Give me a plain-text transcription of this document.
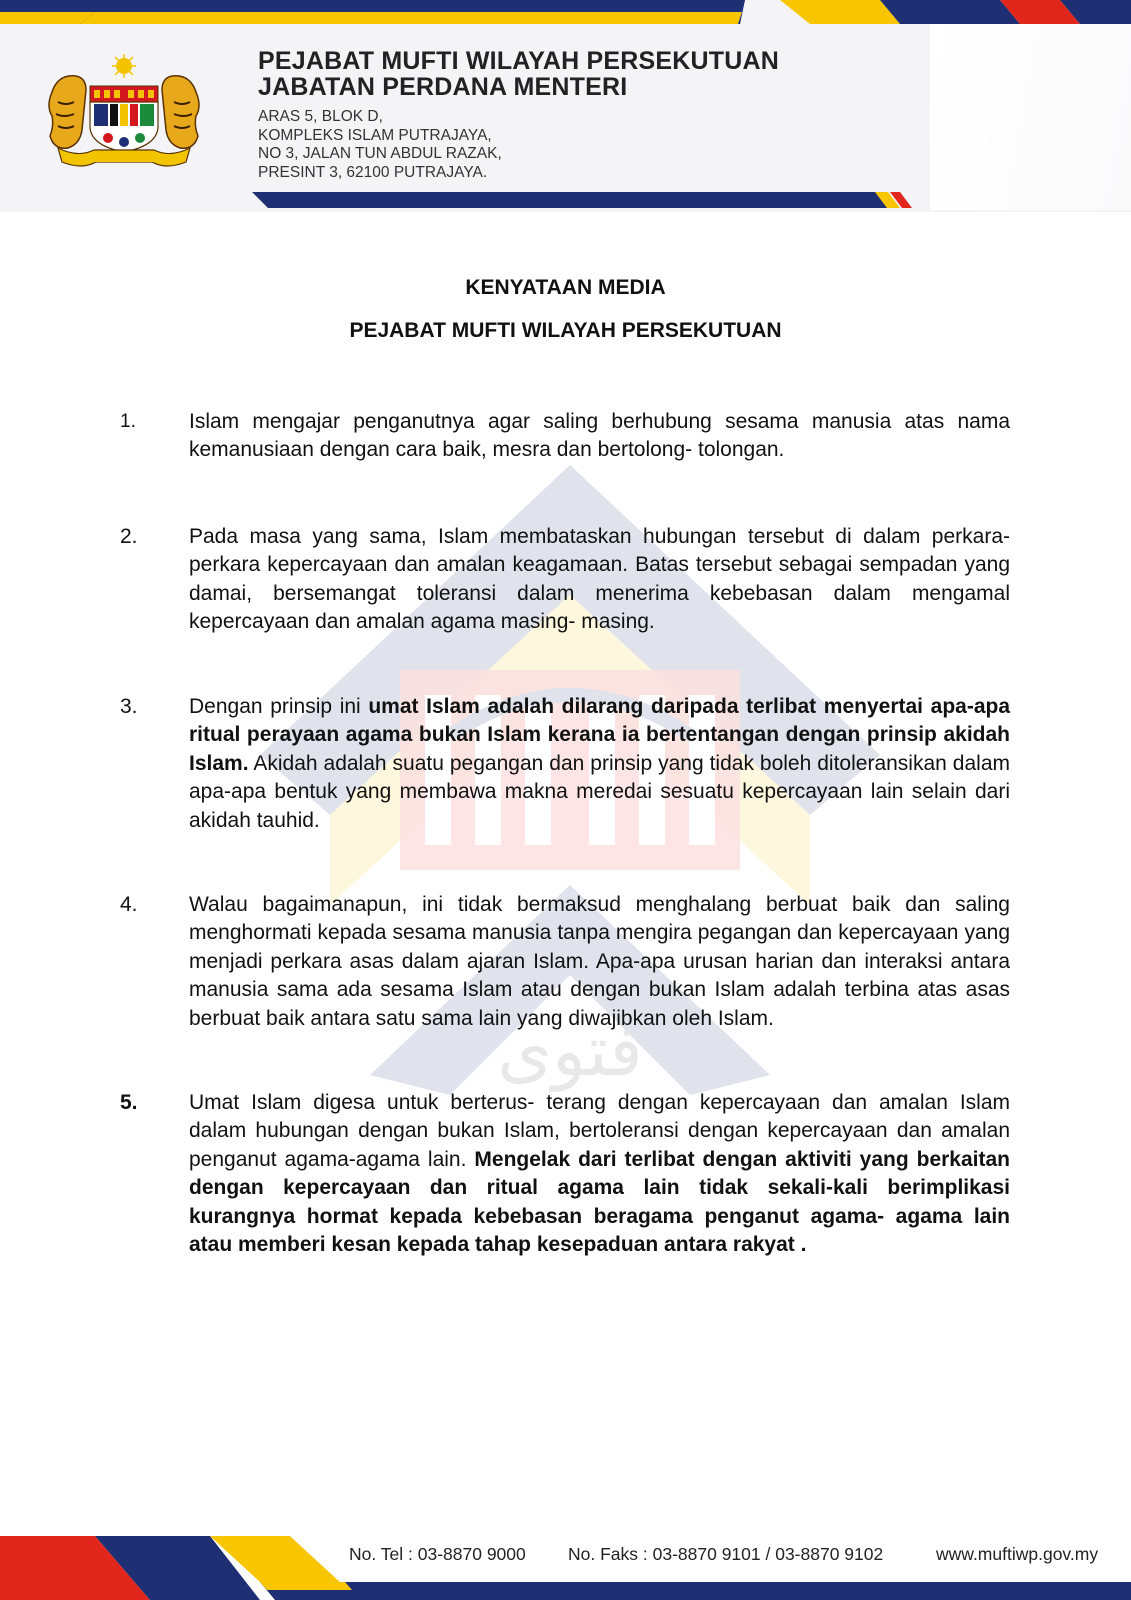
PEJABAT MUFTI WILAYAH PERSEKUTUAN
JABATAN PERDANA MENTERI
ARAS 5, BLOK D,
KOMPLEKS ISLAM PUTRAJAYA,
NO 3, JALAN TUN ABDUL RAZAK,
PRESINT 3, 62100 PUTRAJAYA.
ﻓﺘﻮﻯ
KENYATAAN MEDIA
PEJABAT MUFTI WILAYAH PERSEKUTUAN
1.	Islam mengajar penganutnya agar saling berhubung sesama manusia atas nama kemanusiaan dengan cara baik, mesra dan bertolong- tolongan.
2.	Pada masa yang sama, Islam membataskan hubungan tersebut di dalam perkara-perkara kepercayaan dan amalan keagamaan. Batas tersebut sebagai sempadan yang damai, bersemangat toleransi dalam menerima kebebasan dalam mengamal kepercayaan dan amalan agama masing- masing.
3.	Dengan prinsip ini umat Islam adalah dilarang daripada terlibat menyertai apa-apa ritual perayaan agama bukan Islam kerana ia bertentangan dengan prinsip akidah Islam. Akidah adalah suatu pegangan dan prinsip yang tidak boleh ditoleransikan dalam apa-apa bentuk yang membawa makna meredai sesuatu kepercayaan lain selain dari akidah tauhid.
4.	Walau bagaimanapun, ini tidak bermaksud menghalang berbuat baik dan saling menghormati kepada sesama manusia tanpa mengira pegangan dan kepercayaan yang menjadi perkara asas dalam ajaran Islam. Apa-apa urusan harian dan interaksi antara manusia sama ada sesama Islam atau dengan bukan Islam adalah terbina atas asas berbuat baik antara satu sama lain yang diwajibkan oleh Islam.
5.	Umat Islam digesa untuk berterus- terang dengan kepercayaan dan amalan Islam dalam hubungan dengan bukan Islam, bertoleransi dengan kepercayaan dan amalan penganut agama-agama lain. Mengelak dari terlibat dengan aktiviti yang berkaitan dengan kepercayaan dan ritual agama lain tidak sekali-kali berimplikasi kurangnya hormat kepada kebebasan beragama penganut agama- agama lain atau memberi kesan kepada tahap kesepaduan antara rakyat .
No. Tel : 03-8870 9000 No. Faks : 03-8870 9101 / 03-8870 9102	www.muftiwp.gov.my
